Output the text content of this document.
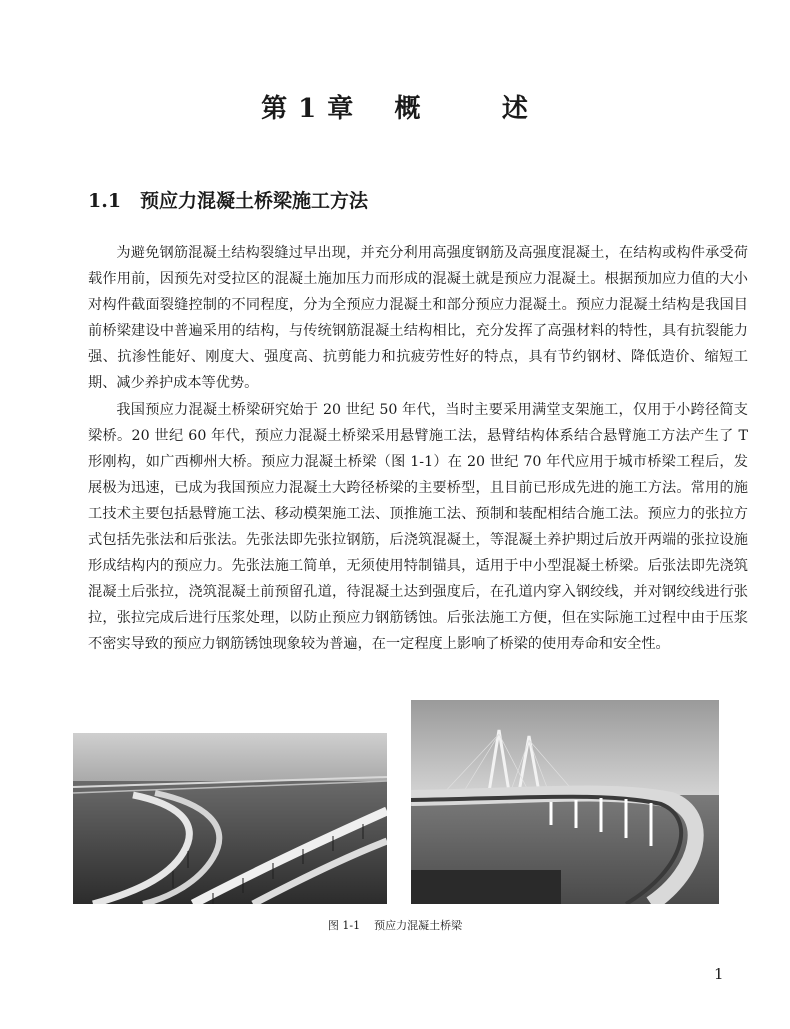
第 1 章    概        述
1.1 预应力混凝土桥梁施工方法

为避免钢筋混凝土结构裂缝过早出现，并充分利用高强度钢筋及高强度混凝土，在结构或构件承受荷载作用前，因预先对受拉区的混凝土施加压力而形成的混凝土就是预应力混凝土。根据预加应力值的大小对构件截面裂缝控制的不同程度，分为全预应力混凝土和部分预应力混凝土。预应力混凝土结构是我国目前桥梁建设中普遍采用的结构，与传统钢筋混凝土结构相比，充分发挥了高强材料的特性，具有抗裂能力强、抗渗性能好、刚度大、强度高、抗剪能力和抗疲劳性好的特点，具有节约钢材、降低造价、缩短工期、减少养护成本等优势。

我国预应力混凝土桥梁研究始于 20 世纪 50 年代，当时主要采用满堂支架施工，仅用于小跨径简支梁桥。20 世纪 60 年代，预应力混凝土桥梁采用悬臂施工法，悬臂结构体系结合悬臂施工方法产生了 T 形刚构，如广西柳州大桥。预应力混凝土桥梁（图 1-1）在 20 世纪 70 年代应用于城市桥梁工程后，发展极为迅速，已成为我国预应力混凝土大跨径桥梁的主要桥型，且目前已形成先进的施工方法。常用的施工技术主要包括悬臂施工法、移动模架施工法、顶推施工法、预制和装配相结合施工法。预应力的张拉方式包括先张法和后张法。先张法即先张拉钢筋，后浇筑混凝土，等混凝土养护期过后放开两端的张拉设施形成结构内的预应力。先张法施工简单，无须使用特制锚具，适用于中小型混凝土桥梁。后张法即先浇筑混凝土后张拉，浇筑混凝土前预留孔道，待混凝土达到强度后，在孔道内穿入钢绞线，并对钢绞线进行张拉，张拉完成后进行压浆处理，以防止预应力钢筋锈蚀。后张法施工方便，但在实际施工过程中由于压浆不密实导致的预应力钢筋锈蚀现象较为普遍，在一定程度上影响了桥梁的使用寿命和安全性。

图 1-1    预应力混凝土桥梁
1
